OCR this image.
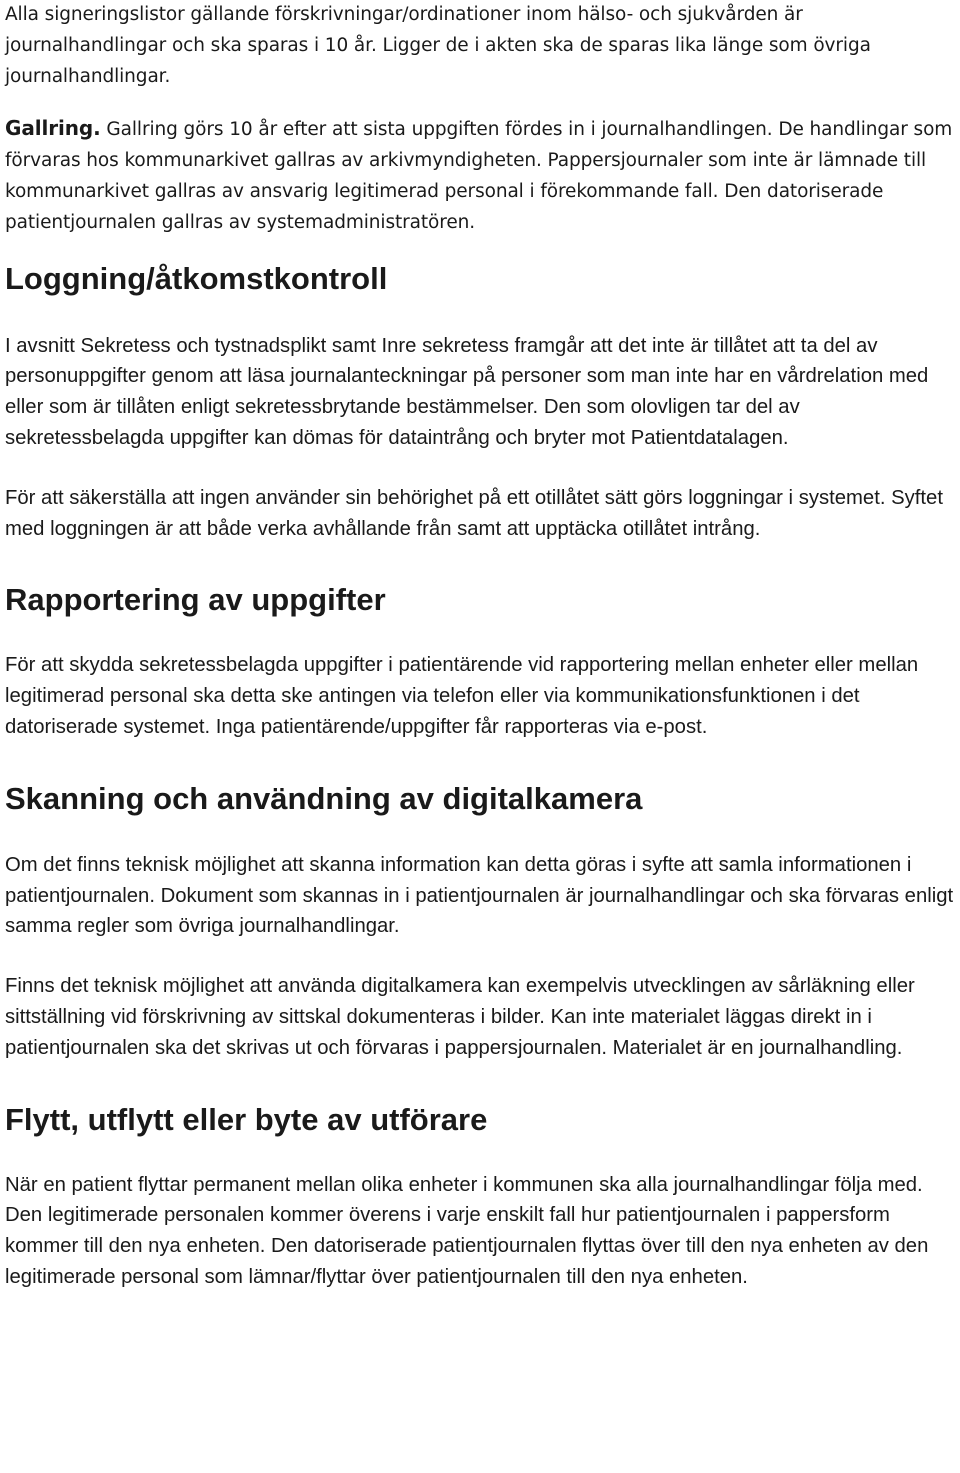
Alla signeringslistor gällande förskrivningar/ordinationer inom hälso- och sjukvården är journalhandlingar och ska sparas i 10 år. Ligger de i akten ska de sparas lika länge som övriga journalhandlingar.

Gallring. Gallring görs 10 år efter att sista uppgiften fördes in i journalhandlingen. De handlingar som förvaras hos kommunarkivet gallras av arkivmyndigheten. Pappersjournaler som inte är lämnade till kommunarkivet gallras av ansvarig legitimerad personal i förekommande fall. Den datoriserade patientjournalen gallras av systemadministratören.

Loggning/åtkomstkontroll

I avsnitt Sekretess och tystnadsplikt samt Inre sekretess framgår att det inte är tillåtet att ta del av personuppgifter genom att läsa journalanteckningar på personer som man inte har en vårdrelation med eller som är tillåten enligt sekretessbrytande bestämmelser. Den som olovligen tar del av sekretessbelagda uppgifter kan dömas för dataintrång och bryter mot Patientdatalagen.

För att säkerställa att ingen använder sin behörighet på ett otillåtet sätt görs loggningar i systemet. Syftet med loggningen är att både verka avhållande från samt att upptäcka otillåtet intrång.

Rapportering av uppgifter

För att skydda sekretessbelagda uppgifter i patientärende vid rapportering mellan enheter eller mellan legitimerad personal ska detta ske antingen via telefon eller via kommunikationsfunktionen i det datoriserade systemet. Inga patientärende/uppgifter får rapporteras via e-post.

Skanning och användning av digitalkamera

Om det finns teknisk möjlighet att skanna information kan detta göras i syfte att samla informationen i patientjournalen. Dokument som skannas in i patientjournalen är journalhandlingar och ska förvaras enligt samma regler som övriga journalhandlingar.

Finns det teknisk möjlighet att använda digitalkamera kan exempelvis utvecklingen av sårläkning eller sittställning vid förskrivning av sittskal dokumenteras i bilder. Kan inte materialet läggas direkt in i patientjournalen ska det skrivas ut och förvaras i pappersjournalen. Materialet är en journalhandling.

Flytt, utflytt eller byte av utförare

När en patient flyttar permanent mellan olika enheter i kommunen ska alla journalhandlingar följa med. Den legitimerade personalen kommer överens i varje enskilt fall hur patientjournalen i pappersform kommer till den nya enheten. Den datoriserade patientjournalen flyttas över till den nya enheten av den legitimerade personal som lämnar/flyttar över patientjournalen till den nya enheten.
